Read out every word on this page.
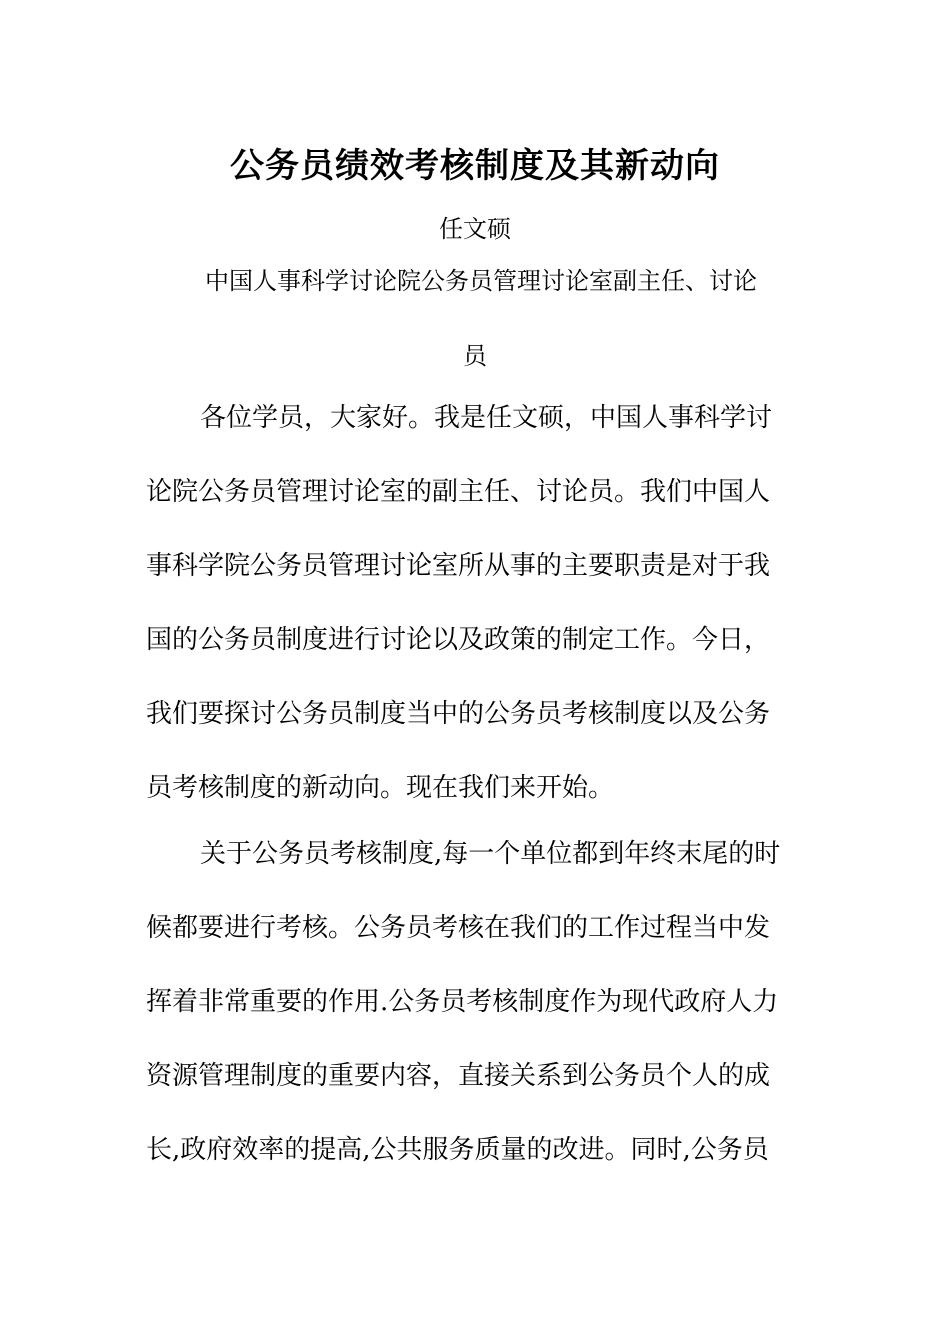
公务员绩效考核制度及其新动向

任文硕

中国人事科学讨论院公务员管理讨论室副主任、讨论

员

各位学员，大家好。我是任文硕，中国人事科学讨
论院公务员管理讨论室的副主任、讨论员。我们中国人
事科学院公务员管理讨论室所从事的主要职责是对于我
国的公务员制度进行讨论以及政策的制定工作。今日，
我们要探讨公务员制度当中的公务员考核制度以及公务
员考核制度的新动向。现在我们来开始。
关于公务员考核制度,每一个单位都到年终末尾的时
候都要进行考核。公务员考核在我们的工作过程当中发
挥着非常重要的作用.公务员考核制度作为现代政府人力
资源管理制度的重要内容，直接关系到公务员个人的成
长,政府效率的提高,公共服务质量的改进。同时,公务员
